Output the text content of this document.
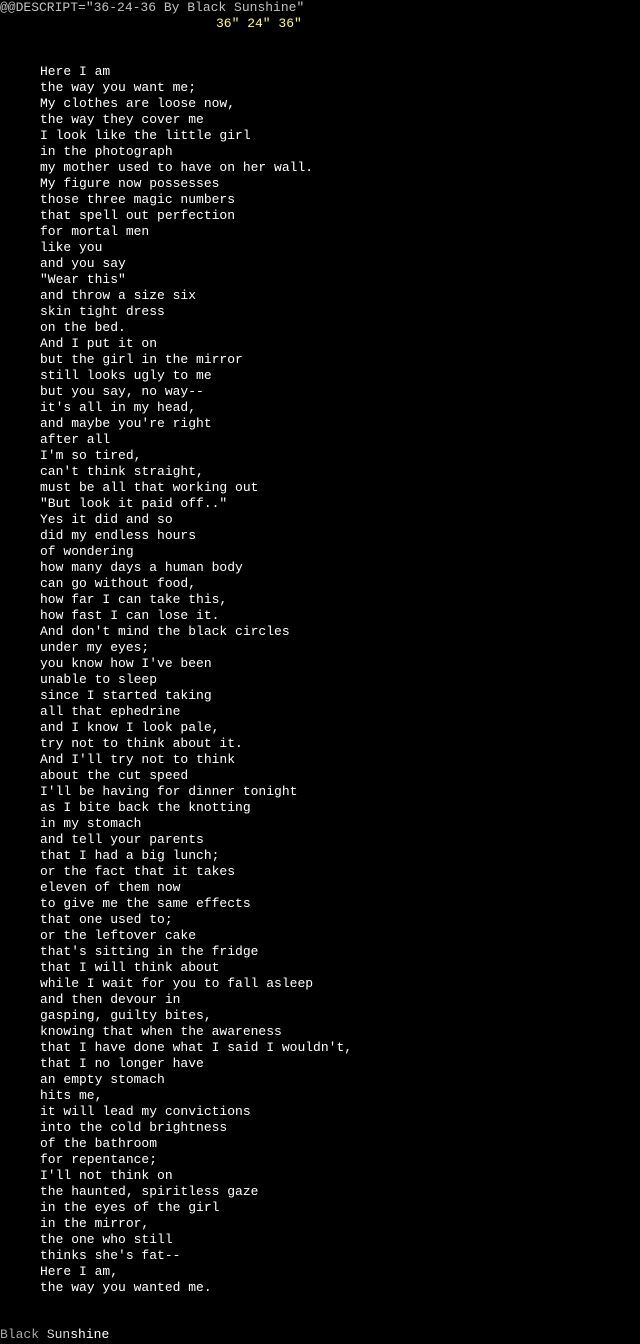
@@DESCRIPT="36-24-36 By Black Sunshine"
36" 24" 36"
Here I am
the way you want me;
My clothes are loose now,
the way they cover me
I look like the little girl
in the photograph
my mother used to have on her wall.
My figure now possesses
those three magic numbers
that spell out perfection
for mortal men
like you
and you say
"Wear this"
and throw a size six
skin tight dress
on the bed.
And I put it on
but the girl in the mirror
still looks ugly to me
but you say, no way--
it's all in my head,
and maybe you're right
after all
I'm so tired,
can't think straight,
must be all that working out
"But look it paid off.."
Yes it did and so
did my endless hours
of wondering
how many days a human body
can go without food,
how far I can take this,
how fast I can lose it.
And don't mind the black circles
under my eyes;
you know how I've been
unable to sleep
since I started taking
all that ephedrine
and I know I look pale,
try not to think about it.
And I'll try not to think
about the cut speed
I'll be having for dinner tonight
as I bite back the knotting
in my stomach
and tell your parents
that I had a big lunch;
or the fact that it takes
eleven of them now
to give me the same effects
that one used to;
or the leftover cake
that's sitting in the fridge
that I will think about
while I wait for you to fall asleep
and then devour in
gasping, guilty bites,
knowing that when the awareness
that I have done what I said I wouldn't,
that I no longer have
an empty stomach
hits me,
it will lead my convictions
into the cold brightness
of the bathroom
for repentance;
I'll not think on
the haunted, spiritless gaze
in the eyes of the girl
in the mirror,
the one who still
thinks she's fat--
Here I am,
the way you wanted me.
Black Sunshine
